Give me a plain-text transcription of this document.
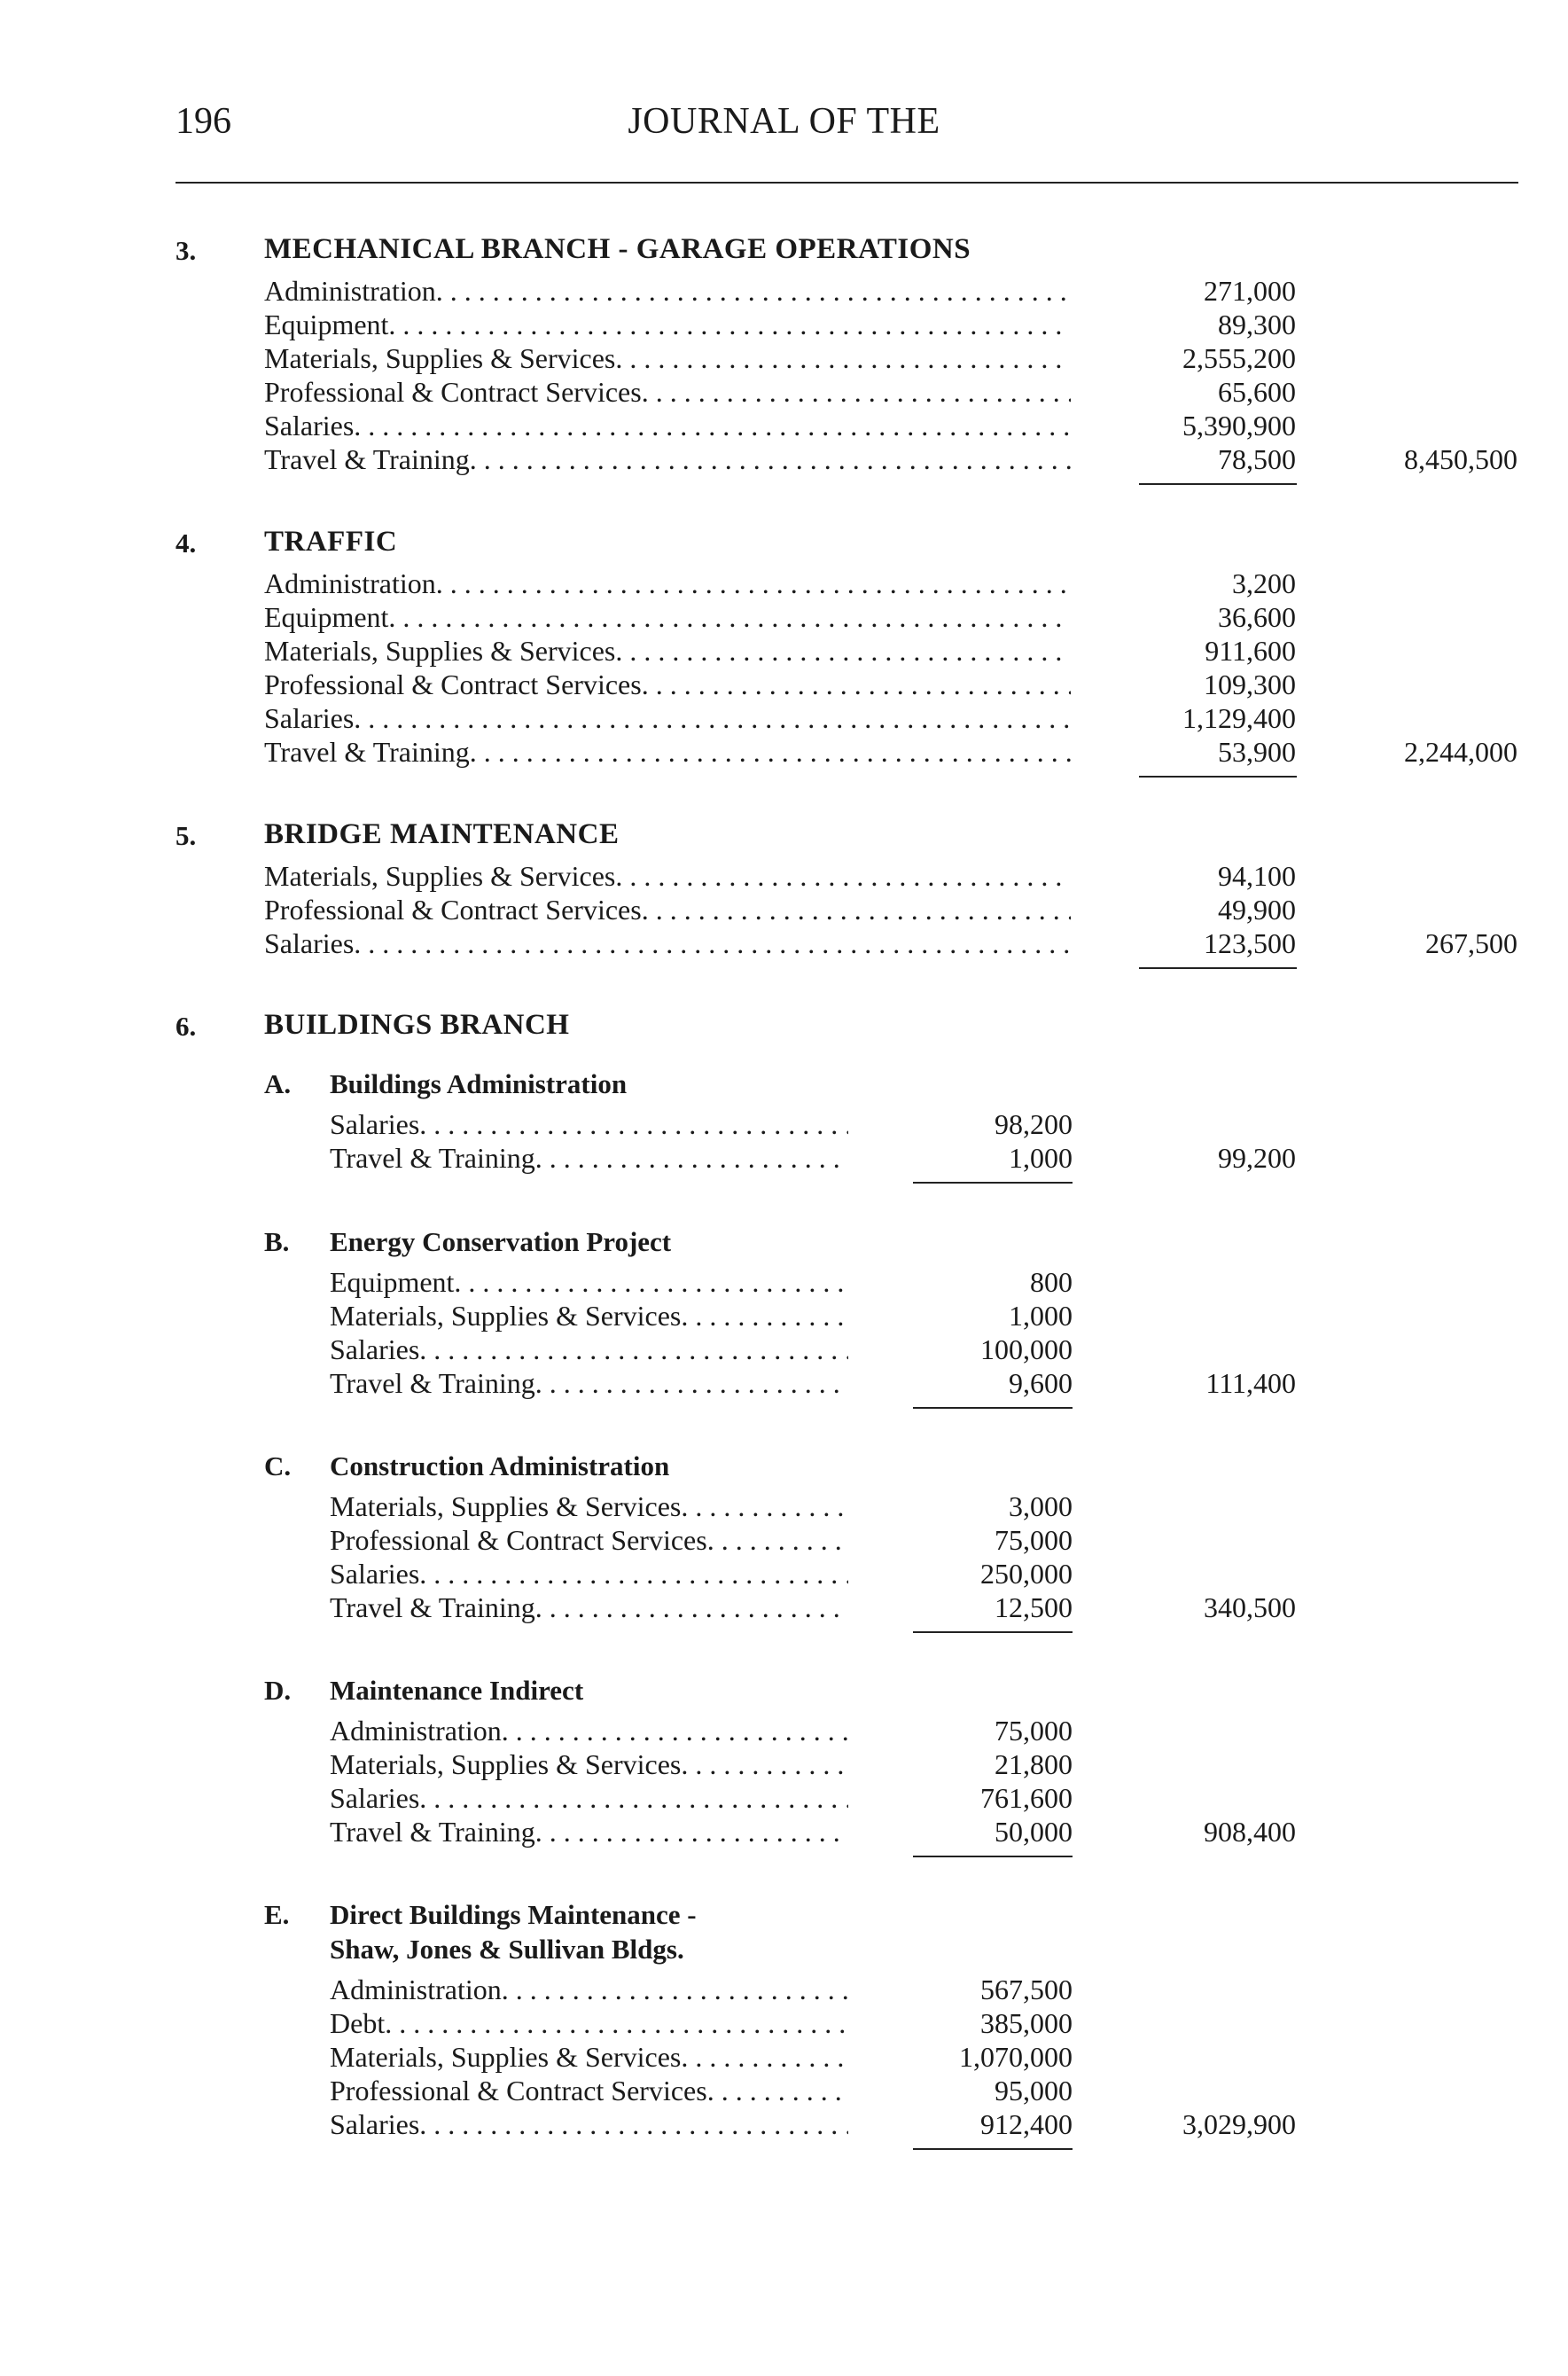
196	JOURNAL OF THE
3. MECHANICAL BRANCH - GARAGE OPERATIONS
Administration . . .	271,000
Equipment . . .	89,300
Materials, Supplies & Services . . .	2,555,200
Professional & Contract Services . . .	65,600
Salaries . . .	5,390,900
Travel & Training . . .	78,500	8,450,500
4. TRAFFIC
Administration . . .	3,200
Equipment . . .	36,600
Materials, Supplies & Services . . .	911,600
Professional & Contract Services . . .	109,300
Salaries . . .	1,129,400
Travel & Training . . .	53,900	2,244,000
5. BRIDGE MAINTENANCE
Materials, Supplies & Services . . .	94,100
Professional & Contract Services . . .	49,900
Salaries . . .	123,500	267,500
6. BUILDINGS BRANCH
A. Buildings Administration
Salaries . . .	98,200
Travel & Training . . .	1,000	99,200
B. Energy Conservation Project
Equipment . . .	800
Materials, Supplies & Services . . .	1,000
Salaries . . .	100,000
Travel & Training . . .	9,600	111,400
C. Construction Administration
Materials, Supplies & Services . . .	3,000
Professional & Contract Services . . .	75,000
Salaries . . .	250,000
Travel & Training . . .	12,500	340,500
D. Maintenance Indirect
Administration . . .	75,000
Materials, Supplies & Services . . .	21,800
Salaries . . .	761,600
Travel & Training . . .	50,000	908,400
E. Direct Buildings Maintenance -
Shaw, Jones & Sullivan Bldgs.
Administration . . .	567,500
Debt . . .	385,000
Materials, Supplies & Services . . .	1,070,000
Professional & Contract Services . . .	95,000
Salaries . . .	912,400	3,029,900
